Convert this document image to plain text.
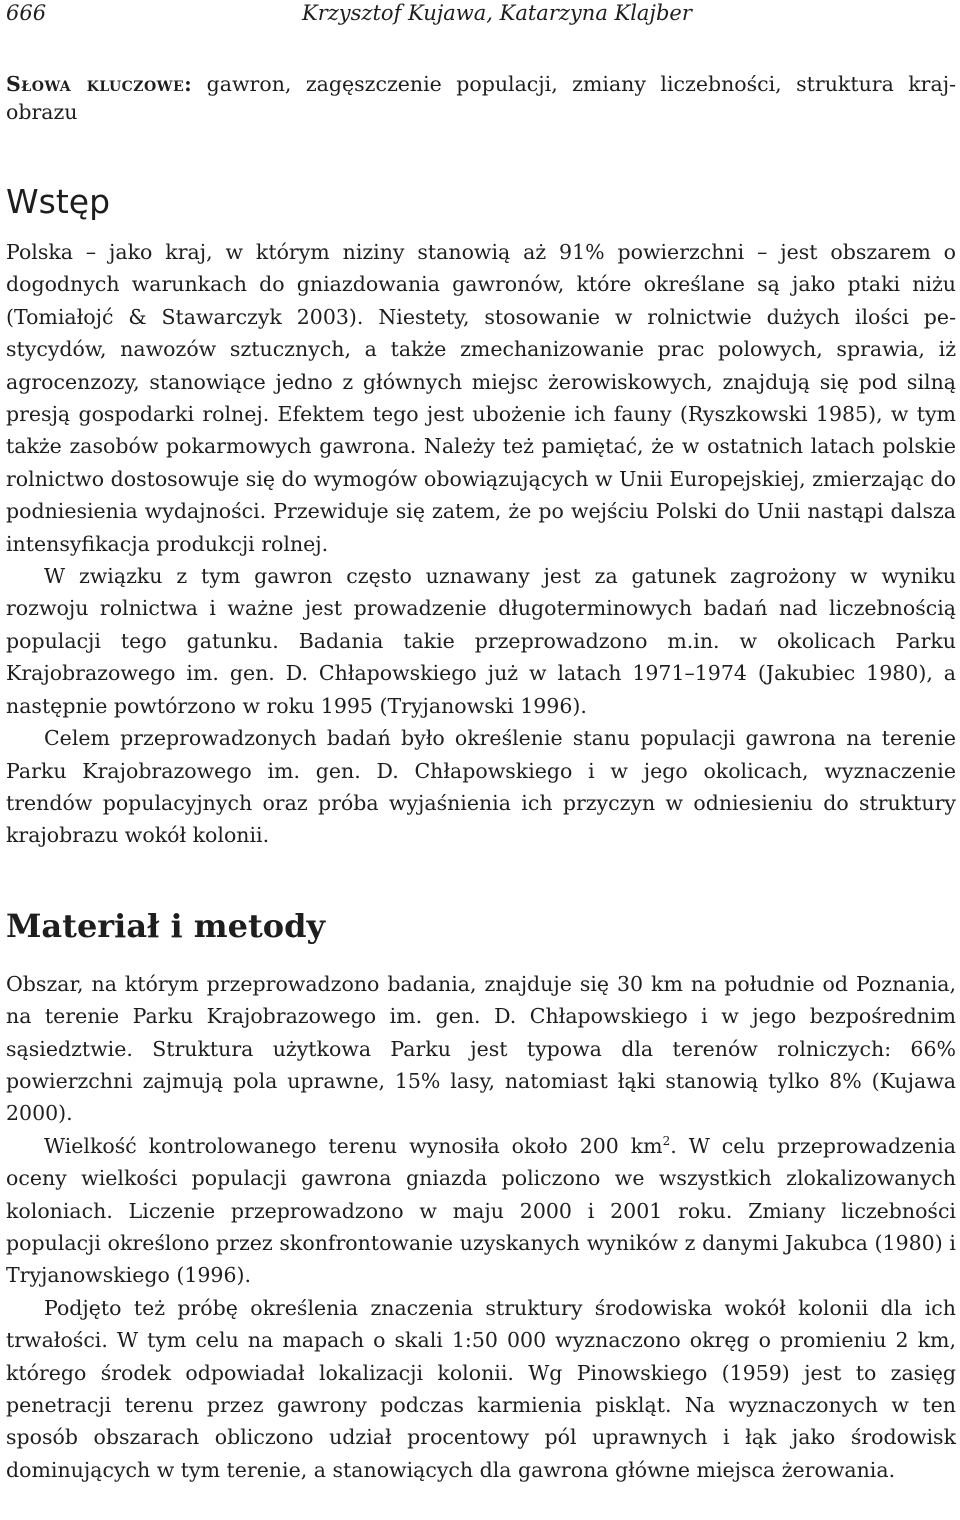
666	Krzysztof Kujawa, Katarzyna Klajber

Słowa kluczowe: gawron, zagęszczenie populacji, zmiany liczebności, struktura krajobrazu

Wstęp

Polska – jako kraj, w którym niziny stanowią aż 91% powierzchni – jest obszarem o dogodnych warunkach do gniazdowania gawronów, które określane są jako ptaki niżu (Tomiałojć & Stawarczyk 2003). Niestety, stosowanie w rolnictwie dużych ilości pestycydów, nawozów sztucznych, a także zmechanizowanie prac polowych, sprawia, iż agrocenzozy, stanowiące jedno z głównych miejsc żerowiskowych, znajdują się pod silną presją gospodarki rolnej. Efektem tego jest ubożenie ich fauny (Ryszkowski 1985), w tym także zasobów pokarmowych gawrona. Należy też pamiętać, że w ostatnich latach polskie rolnictwo dostosowuje się do wymogów obowiązujących w Unii Europejskiej, zmierzając do podniesienia wydajności. Przewiduje się zatem, że po wejściu Polski do Unii nastąpi dalsza intensyfikacja produkcji rolnej.

W związku z tym gawron często uznawany jest za gatunek zagrożony w wyniku rozwoju rolnictwa i ważne jest prowadzenie długoterminowych badań nad liczebnością populacji tego gatunku. Badania takie przeprowadzono m.in. w okolicach Parku Krajobrazowego im. gen. D. Chłapowskiego już w latach 1971–1974 (Jakubiec 1980), a następnie powtórzono w roku 1995 (Tryjanowski 1996).

Celem przeprowadzonych badań było określenie stanu populacji gawrona na terenie Parku Krajobrazowego im. gen. D. Chłapowskiego i w jego okolicach, wyznaczenie trendów populacyjnych oraz próba wyjaśnienia ich przyczyn w odniesieniu do struktury krajobrazu wokół kolonii.

Materiał i metody

Obszar, na którym przeprowadzono badania, znajduje się 30 km na południe od Poznania, na terenie Parku Krajobrazowego im. gen. D. Chłapowskiego i w jego bezpośrednim sąsiedztwie. Struktura użytkowa Parku jest typowa dla terenów rolniczych: 66% powierzchni zajmują pola uprawne, 15% lasy, natomiast łąki stanowią tylko 8% (Kujawa 2000).

Wielkość kontrolowanego terenu wynosiła około 200 $km^2$. W celu przeprowadzenia oceny wielkości populacji gawrona gniazda policzono we wszystkich zlokalizowanych koloniach. Liczenie przeprowadzono w maju 2000 i 2001 roku. Zmiany liczebności populacji określono przez skonfrontowanie uzyskanych wyników z danymi Jakubca (1980) i Tryjanowskiego (1996).

Podjęto też próbę określenia znaczenia struktury środowiska wokół kolonii dla ich trwałości. W tym celu na mapach o skali 1:50 000 wyznaczono okręg o promieniu 2 km, którego środek odpowiadał lokalizacji kolonii. Wg Pinowskiego (1959) jest to zasięg penetracji terenu przez gawrony podczas karmienia piskląt. Na wyznaczonych w ten sposób obszarach obliczono udział procentowy pól uprawnych i łąk jako środowisk dominujących w tym terenie, a stanowiących dla gawrona główne miejsca żerowania.
